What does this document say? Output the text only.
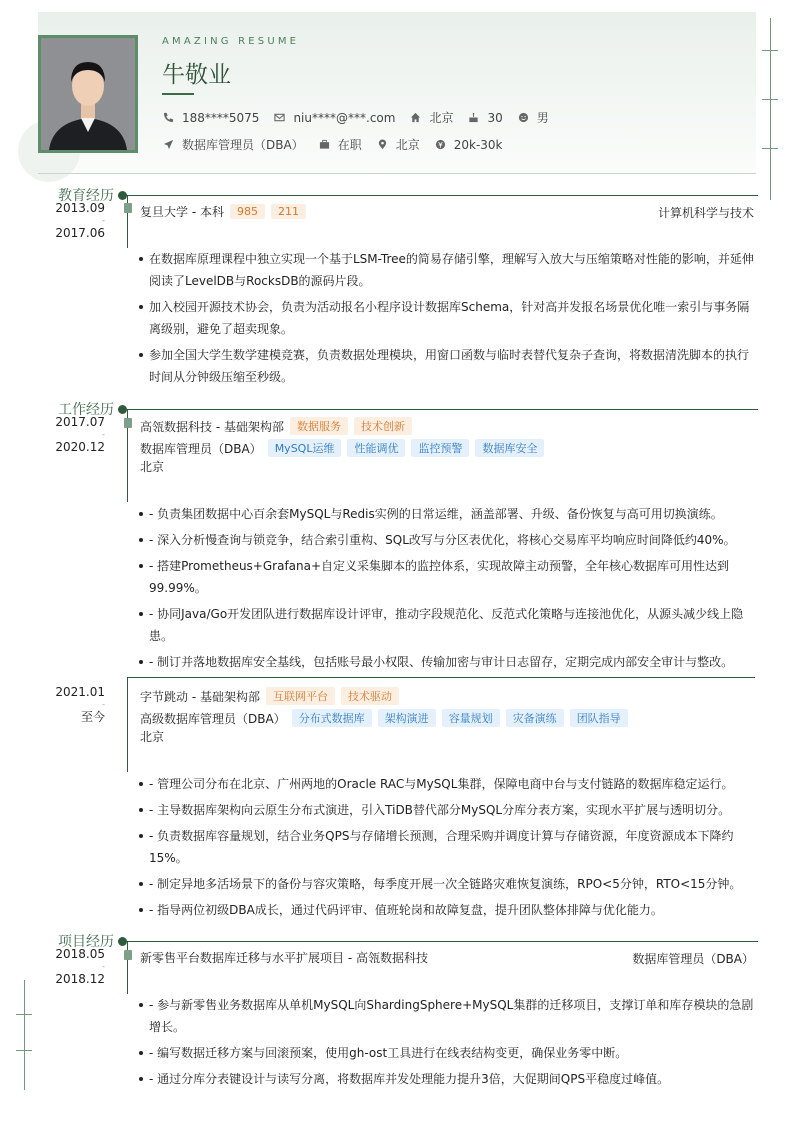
AMAZING RESUME
牛敬业
188****5075	niu****@***.com	北京	30	男
数据库管理员（DBA）	在职	北京	20k-30k
教育经历
2013.09
-
2017.06
复旦大学 - 本科	985	211	计算机科学与技术
在数据库原理课程中独立实现一个基于LSM-Tree的简易存储引擎，理解写入放大与压缩策略对性能的影响，并延伸阅读了LevelDB与RocksDB的源码片段。
加入校园开源技术协会，负责为活动报名小程序设计数据库Schema，针对高并发报名场景优化唯一索引与事务隔离级别，避免了超卖现象。
参加全国大学生数学建模竞赛，负责数据处理模块，用窗口函数与临时表替代复杂子查询，将数据清洗脚本的执行时间从分钟级压缩至秒级。
工作经历
2017.07
-
2020.12
高瓴数据科技 - 基础架构部	数据服务	技术创新
数据库管理员（DBA）	MySQL运维	性能调优	监控预警	数据库安全
北京
- 负责集团数据中心百余套MySQL与Redis实例的日常运维，涵盖部署、升级、备份恢复与高可用切换演练。
- 深入分析慢查询与锁竞争，结合索引重构、SQL改写与分区表优化，将核心交易库平均响应时间降低约40%。
- 搭建Prometheus+Grafana+自定义采集脚本的监控体系，实现故障主动预警，全年核心数据库可用性达到99.99%。
- 协同Java/Go开发团队进行数据库设计评审，推动字段规范化、反范式化策略与连接池优化，从源头减少线上隐患。
- 制订并落地数据库安全基线，包括账号最小权限、传输加密与审计日志留存，定期完成内部安全审计与整改。
2021.01
-
至今
字节跳动 - 基础架构部	互联网平台	技术驱动
高级数据库管理员（DBA）	分布式数据库	架构演进	容量规划	灾备演练	团队指导
北京
- 管理公司分布在北京、广州两地的Oracle RAC与MySQL集群，保障电商中台与支付链路的数据库稳定运行。
- 主导数据库架构向云原生分布式演进，引入TiDB替代部分MySQL分库分表方案，实现水平扩展与透明切分。
- 负责数据库容量规划，结合业务QPS与存储增长预测，合理采购并调度计算与存储资源，年度资源成本下降约15%。
- 制定异地多活场景下的备份与容灾策略，每季度开展一次全链路灾难恢复演练，RPO<5分钟，RTO<15分钟。
- 指导两位初级DBA成长，通过代码评审、值班轮岗和故障复盘，提升团队整体排障与优化能力。
项目经历
2018.05
-
2018.12
新零售平台数据库迁移与水平扩展项目 - 高瓴数据科技	数据库管理员（DBA）
- 参与新零售业务数据库从单机MySQL向ShardingSphere+MySQL集群的迁移项目，支撑订单和库存模块的急剧增长。
- 编写数据迁移方案与回滚预案，使用gh-ost工具进行在线表结构变更，确保业务零中断。
- 通过分库分表键设计与读写分离，将数据库并发处理能力提升3倍，大促期间QPS平稳度过峰值。
